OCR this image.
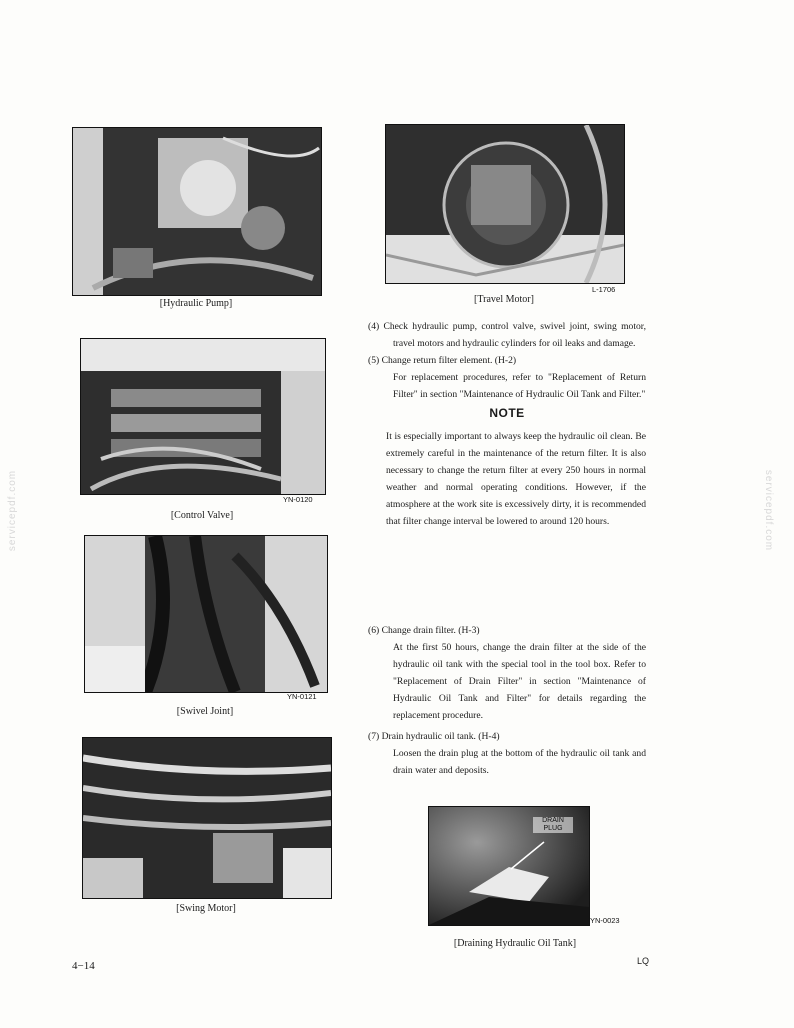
servicepdf.com	servicepdf.com
[Hydraulic Pump]
YN-0120
[Control Valve]
YN-0121
[Swivel Joint]
[Swing Motor]
L-1706
[Travel Motor]

(4) Check hydraulic pump, control valve, swivel joint, swing motor, travel motors and hydraulic cylinders for oil leaks and damage.

(5) Change return filter element. (H-2)

For replacement procedures, refer to "Replacement of Return Filter" in section "Maintenance of Hydraulic Oil Tank and Filter."

NOTE

It is especially important to always keep the hydraulic oil clean. Be extremely careful in the maintenance of the return filter. It is also necessary to change the return filter at every 250 hours in normal weather and normal operating conditions. However, if the atmosphere at the work site is excessively dirty, it is recommended that filter change interval be lowered to around 120 hours.

(6) Change drain filter. (H-3)

At the first 50 hours, change the drain filter at the side of the hydraulic oil tank with the special tool in the tool box. Refer to "Replacement of Drain Filter" in section "Maintenance of Hydraulic Oil Tank and Filter" for details regarding the replacement procedure.

(7) Drain hydraulic oil tank. (H-4)

Loosen the drain plug at the bottom of the hydraulic oil tank and drain water and deposits.

DRAIN PLUG
YN-0023
[Draining Hydraulic Oil Tank]
4−14	LQ
